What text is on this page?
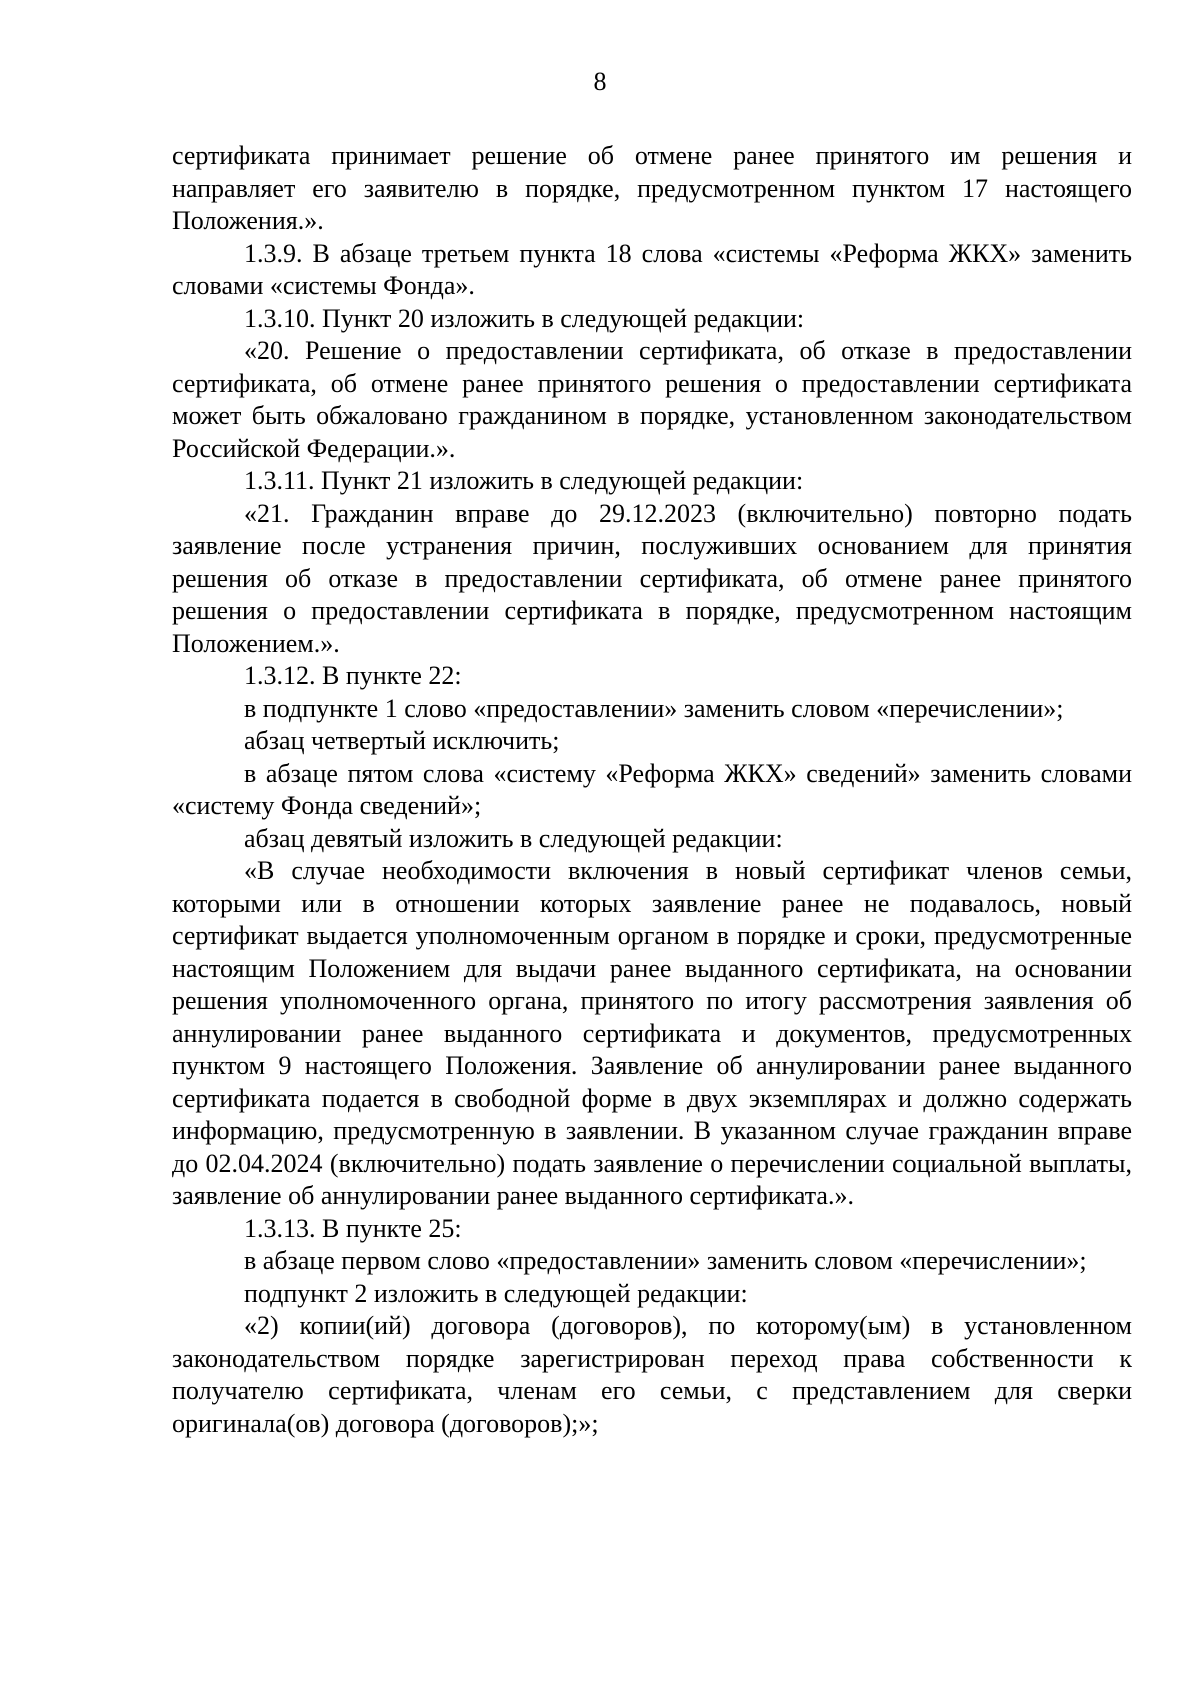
8

сертификата принимает решение об отмене ранее принятого им решения и направляет его заявителю в порядке, предусмотренном пунктом 17 настоящего Положения.».

1.3.9. В абзаце третьем пункта 18 слова «системы «Реформа ЖКХ» заменить словами «системы Фонда».

1.3.10. Пункт 20 изложить в следующей редакции:

«20. Решение о предоставлении сертификата, об отказе в предоставлении сертификата, об отмене ранее принятого решения о предоставлении сертификата может быть обжаловано гражданином в порядке, установленном законодательством Российской Федерации.».

1.3.11. Пункт 21 изложить в следующей редакции:

«21. Гражданин вправе до 29.12.2023 (включительно) повторно подать заявление после устранения причин, послуживших основанием для принятия решения об отказе в предоставлении сертификата, об отмене ранее принятого решения о предоставлении сертификата в порядке, предусмотренном настоящим Положением.».

1.3.12. В пункте 22:

в подпункте 1 слово «предоставлении» заменить словом «перечислении»;

абзац четвертый исключить;

в абзаце пятом слова «систему «Реформа ЖКХ» сведений» заменить словами «систему Фонда сведений»;

абзац девятый изложить в следующей редакции:

«В случае необходимости включения в новый сертификат членов семьи, которыми или в отношении которых заявление ранее не подавалось, новый сертификат выдается уполномоченным органом в порядке и сроки, предусмотренные настоящим Положением для выдачи ранее выданного сертификата, на основании решения уполномоченного органа, принятого по итогу рассмотрения заявления об аннулировании ранее выданного сертификата и документов, предусмотренных пунктом 9 настоящего Положения. Заявление об аннулировании ранее выданного сертификата подается в свободной форме в двух экземплярах и должно содержать информацию, предусмотренную в заявлении. В указанном случае гражданин вправе до 02.04.2024 (включительно) подать заявление о перечислении социальной выплаты, заявление об аннулировании ранее выданного сертификата.».

1.3.13. В пункте 25:

в абзаце первом слово «предоставлении» заменить словом «перечислении»;

подпункт 2 изложить в следующей редакции:

«2) копии(ий) договора (договоров), по которому(ым) в установленном законодательством порядке зарегистрирован переход права собственности к получателю сертификата, членам его семьи, с представлением для сверки оригинала(ов) договора (договоров);»;
